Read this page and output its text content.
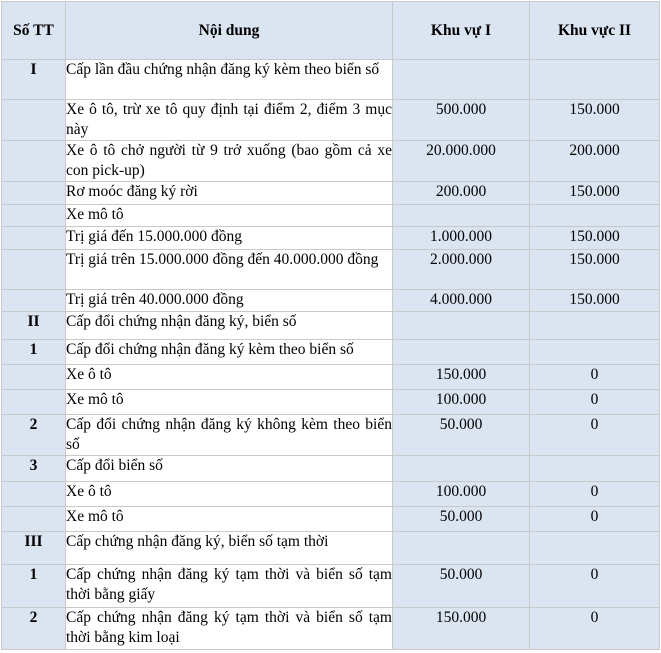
Số TT	Nội dung	Khu vự I	Khu vực II
I	Cấp lần đầu chứng nhận đăng ký kèm theo biển số		
	Xe ô tô, trừ xe tô quy định tại điểm 2, điểm 3 mục này	500.000	150.000
	Xe ô tô chở người từ 9 trở xuống (bao gồm cả xe con pick-up)	20.000.000	200.000
	Rơ moóc đăng ký rời	200.000	150.000
	Xe mô tô		
	Trị giá đến 15.000.000 đồng	1.000.000	150.000
	Trị giá trên 15.000.000 đồng đến 40.000.000 đồng	2.000.000	150.000
	Trị giá trên 40.000.000 đồng	4.000.000	150.000
II	Cấp đổi chứng nhận đăng ký, biển số		
1	Cấp đổi chứng nhận đăng ký kèm theo biển số		
	Xe ô tô	150.000	0
	Xe mô tô	100.000	0
2	Cấp đổi chứng nhận đăng ký không kèm theo biển số	50.000	0
3	Cấp đổi biển số		
	Xe ô tô	100.000	0
	Xe mô tô	50.000	0
III	Cấp chứng nhận đăng ký, biển số tạm thời		
1	Cấp chứng nhận đăng ký tạm thời và biển số tạm thời bằng giấy	50.000	0
2	Cấp chứng nhận đăng ký tạm thời và biển số tạm thời bằng kim loại	150.000	0
